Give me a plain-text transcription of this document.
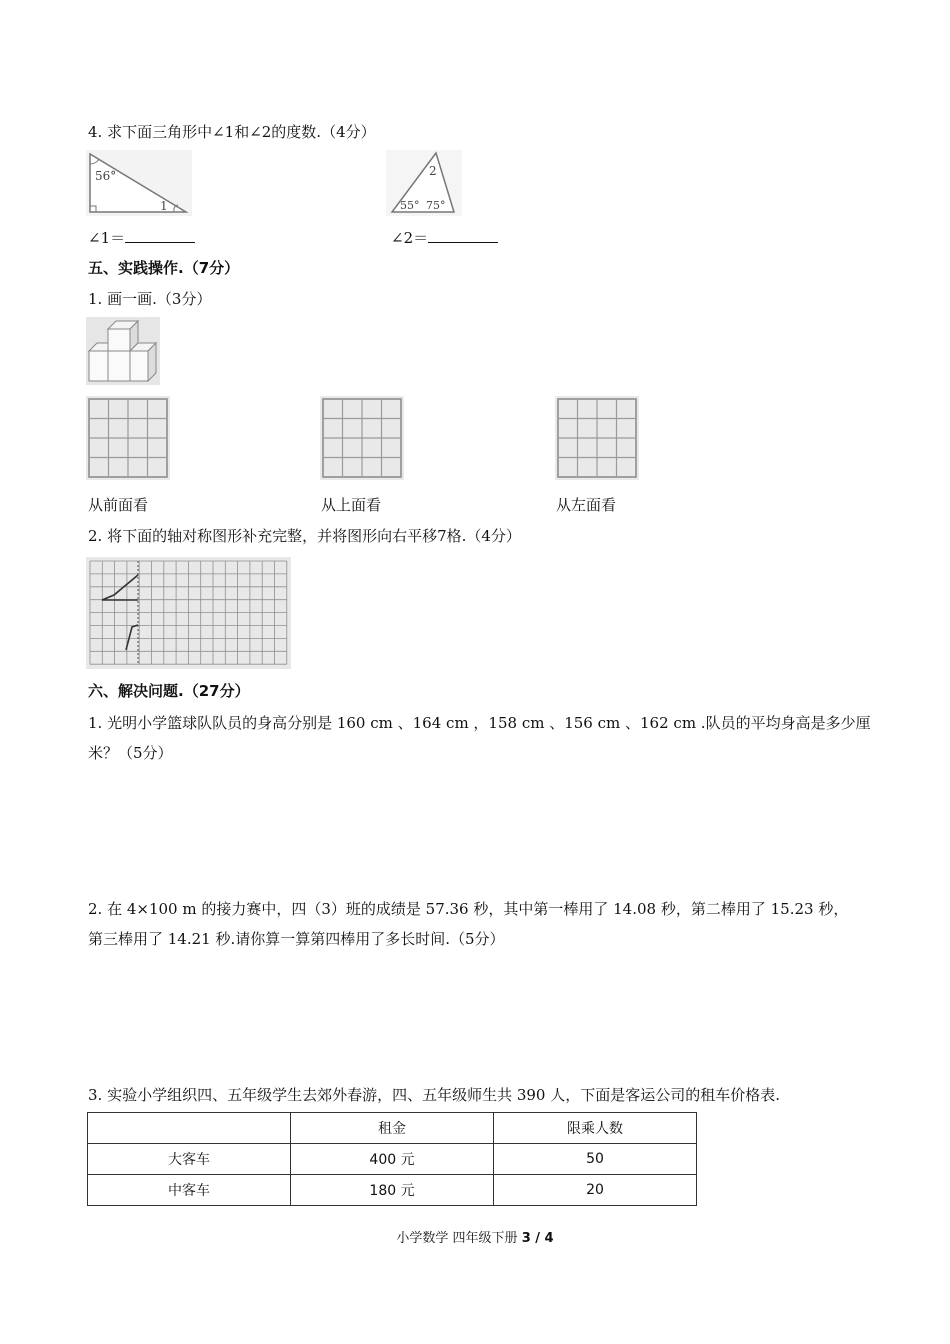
4. 求下面三角形中∠1和∠2的度数.（4分）
56°
1
2
55° 75°
∠1＝	∠2＝
五、实践操作.（7分）
1. 画一画.（3分）
从前面看	从上面看	从左面看
2. 将下面的轴对称图形补充完整，并将图形向右平移7格.（4分）
六、解决问题.（27分）
1. 光明小学篮球队队员的身高分别是 160 cm 、164 cm ，158 cm 、156 cm 、162 cm .队员的平均身高是多少厘
米？（5分）
2. 在 4×100 m 的接力赛中，四（3）班的成绩是 57.36 秒，其中第一棒用了 14.08 秒，第二棒用了 15.23 秒，
第三棒用了 14.21 秒.请你算一算第四棒用了多长时间.（5分）
3. 实验小学组织四、五年级学生去郊外春游，四、五年级师生共 390 人，下面是客运公司的租车价格表.
	租金	限乘人数
大客车	400 元	50
中客车	180 元	20
小学数学 四年级下册 3 / 4
